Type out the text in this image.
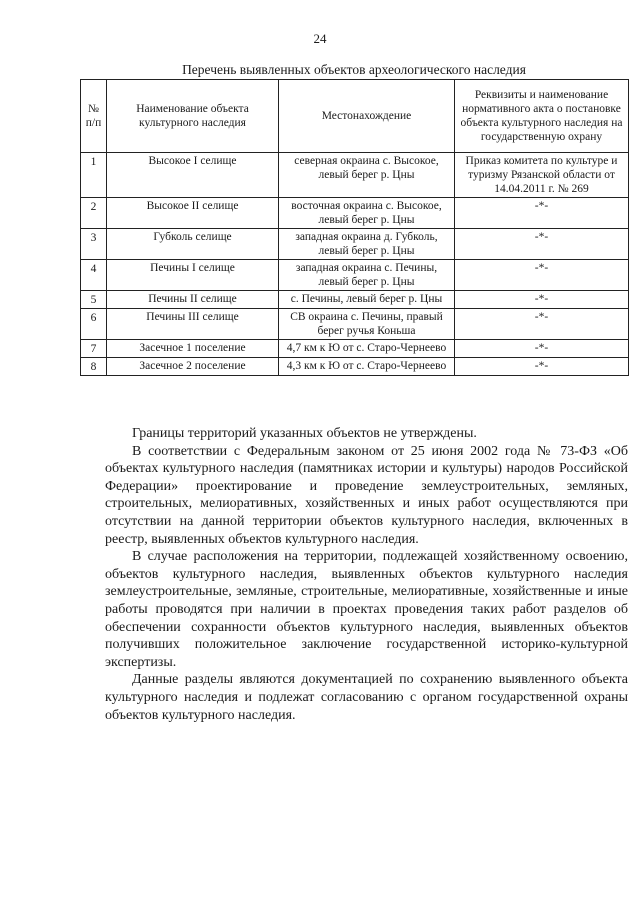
24
Перечень выявленных объектов археологического наследия
№ п/п	Наименование объекта культурного наследия	Местонахождение	Реквизиты и наименование нормативного акта о постановке объекта культурного наследия на государственную охрану
1	Высокое I селище	северная окраина с. Высокое, левый берег р. Цны	Приказ комитета по культуре и туризму Рязанской области от 14.04.2011 г. № 269
2	Высокое II селище	восточная окраина с. Высокое, левый берег р. Цны	-*-
3	Губколь селище	западная окраина д. Губколь, левый берег р. Цны	-*-
4	Печины I селище	западная окраина с. Печины, левый берег р. Цны	-*-
5	Печины II селище	с. Печины, левый берег р. Цны	-*-
6	Печины III селище	СВ окраина с. Печины, правый берег ручья Коньша	-*-
7	Засечное 1 поселение	4,7 км к Ю от с. Старо-Чернеево	-*-
8	Засечное 2 поселение	4,3 км к Ю от с. Старо-Чернеево	-*-

Границы территорий указанных объектов не утверждены.

В соответствии с Федеральным законом от 25 июня 2002 года № 73-ФЗ «Об объектах культурного наследия (памятниках истории и культуры) народов Российской Федерации» проектирование и проведение землеустроительных, земляных, строительных, мелиоративных, хозяйственных и иных работ осуществляются при отсутствии на данной территории объектов культурного наследия, включенных в реестр, выявленных объектов культурного наследия.

В случае расположения на территории, подлежащей хозяйственному освоению, объектов культурного наследия, выявленных объектов культурного наследия землеустроительные, земляные, строительные, мелиоративные, хозяйственные и иные работы проводятся при наличии в проектах проведения таких работ разделов об обеспечении сохранности объектов культурного наследия, выявленных объектов получивших положительное заключение государственной историко-культурной экспертизы.

Данные разделы являются документацией по сохранению выявленного объекта культурного наследия и подлежат согласованию с органом государственной охраны объектов культурного наследия.
